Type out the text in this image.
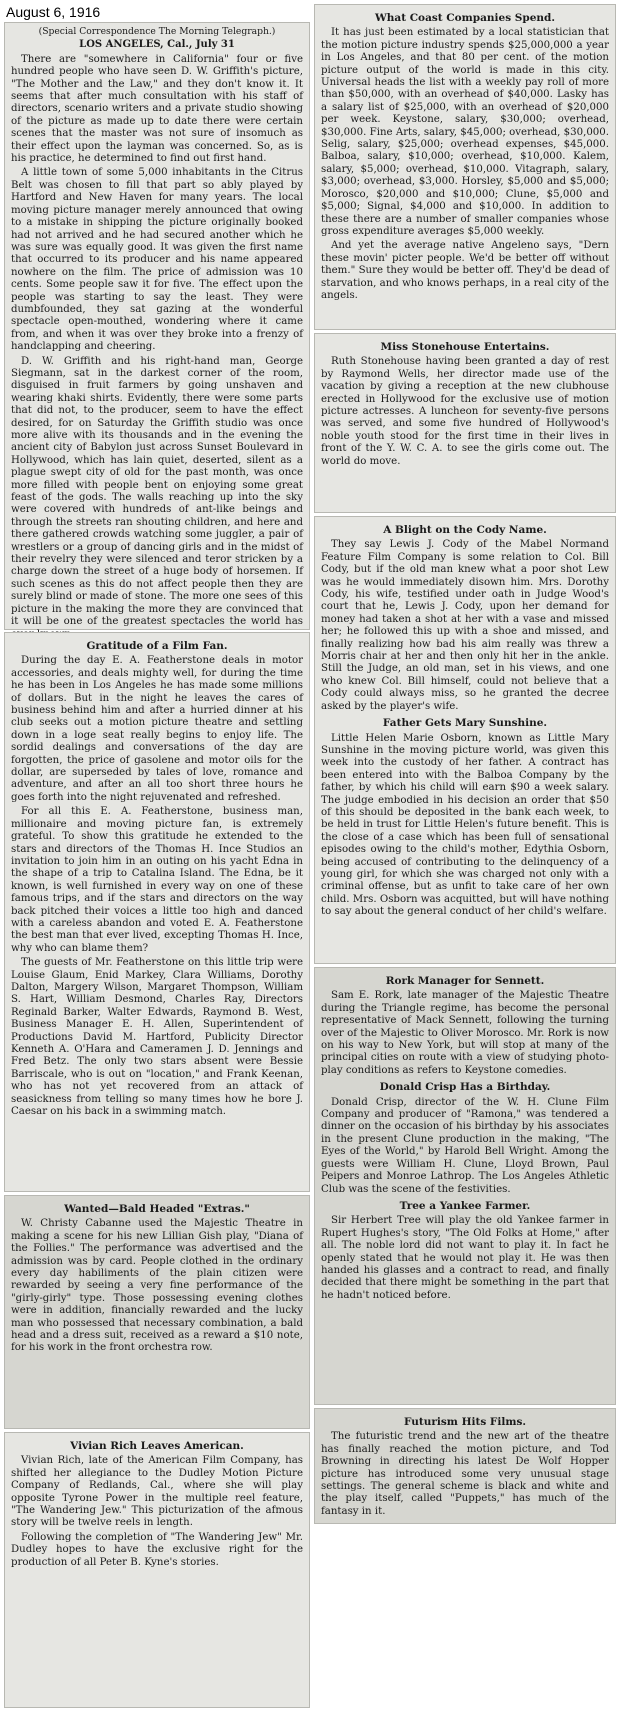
August 6, 1916
(Special Correspondence The Morning Telegraph.)
LOS ANGELES, Cal., July 31

There are "somewhere in California" four or five hundred people who have seen D. W. Griffith's picture, "The Mother and the Law," and they don't know it. It seems that after much consultation with his staff of directors, scenario writers and a private studio showing of the picture as made up to date there were certain scenes that the master was not sure of insomuch as their effect upon the layman was concerned. So, as is his practice, he determined to find out first hand.

A little town of some 5,000 inhabitants in the Citrus Belt was chosen to fill that part so ably played by Hartford and New Haven for many years. The local moving picture manager merely announced that owing to a mistake in shipping the picture originally booked had not arrived and he had secured another which he was sure was equally good. It was given the first name that occurred to its producer and his name appeared nowhere on the film. The price of admission was 10 cents. Some people saw it for five. The effect upon the people was starting to say the least. They were dumbfounded, they sat gazing at the wonderful spectacle open-mouthed, wondering where it came from, and when it was over they broke into a frenzy of handclapping and cheering.

D. W. Griffith and his right-hand man, George Siegmann, sat in the darkest corner of the room, disguised in fruit farmers by going unshaven and wearing khaki shirts. Evidently, there were some parts that did not, to the producer, seem to have the effect desired, for on Saturday the Griffith studio was once more alive with its thousands and in the evening the ancient city of Babylon just across Sunset Boulevard in Hollywood, which has lain quiet, deserted, silent as a plague swept city of old for the past month, was once more filled with people bent on enjoying some great feast of the gods. The walls reaching up into the sky were covered with hundreds of ant-like beings and through the streets ran shouting children, and here and there gathered crowds watching some juggler, a pair of wrestlers or a group of dancing girls and in the midst of their revelry they were silenced and teror stricken by a charge down the street of a huge body of horsemen. If such scenes as this do not affect people then they are surely blind or made of stone. The more one sees of this picture in the making the more they are convinced that it will be one of the greatest spectacles the world has

Gratitude of a Film Fan.

During the day E. A. Featherstone deals in motor accessories, and deals mighty well, for during the time he has been in Los Angeles he has made some millions of dollars. But in the night he leaves the cares of business behind him and after a hurried dinner at his club seeks out a motion picture theatre and settling down in a loge seat really begins to enjoy life. The sordid dealings and conversations of the day are forgotten, the price of gasolene and motor oils for the dollar, are superseded by tales of love, romance and adventure, and after an all too short three hours he goes forth into the night rejuvenated and refreshed.

For all this E. A. Featherstone, business man, millionaire and moving picture fan, is extremely grateful. To show this gratitude he extended to the stars and directors of the Thomas H. Ince Studios an invitation to join him in an outing on his yacht Edna in the shape of a trip to Catalina Island. The Edna, be it known, is well furnished in every way on one of these famous trips, and if the stars and directors on the way back pitched their voices a little too high and danced with a careless abandon and voted E. A. Featherstone the best man that ever lived, excepting Thomas H. Ince, why who can blame them?

The guests of Mr. Featherstone on this little trip were Louise Glaum, Enid Markey, Clara Williams, Dorothy Dalton, Margery Wilson, Margaret Thompson, William S. Hart, William Desmond, Charles Ray, Directors Reginald Barker, Walter Edwards, Raymond B. West, Business Manager E. H. Allen, Superintendent of Productions David M. Hartford, Publicity Director Kenneth A. O'Hara and Cameramen J. D. Jennings and Fred Betz. The only two stars absent were Bessie Barriscale, who is out on "location," and Frank Keenan, who has not yet recovered from an attack of seasickness from telling so many times how he bore J. Caesar on his back in a swimming match.

Wanted—Bald Headed "Extras."

W. Christy Cabanne used the Majestic Theatre in making a scene for his new Lillian Gish play, "Diana of the Follies." The performance was advertised and the admission was by card. People clothed in the ordinary every day habiliments of the plain citizen were rewarded by seeing a very fine performance of the "girly-girly" type. Those possessing evening clothes were in addition, financially rewarded and the lucky man who possessed that necessary combination, a bald head and a dress suit, received as a reward a $10 note, for his work in the front orchestra row.

Vivian Rich Leaves American.

Vivian Rich, late of the American Film Company, has shifted her allegiance to the Dudley Motion Picture Company of Redlands, Cal., where she will play opposite Tyrone Power in the multiple reel feature, "The Wandering Jew." This picturization of the afmous story will be twelve reels in length.

Following the completion of "The Wandering Jew" Mr. Dudley hopes to have the exclusive right for the production of all Peter B. Kyne's stories.

What Coast Companies Spend.

It has just been estimated by a local statistician that the motion picture industry spends $25,000,000 a year in Los Angeles, and that 80 per cent. of the motion picture output of the world is made in this city. Universal heads the list with a weekly pay roll of more than $50,000, with an overhead of $40,000. Lasky has a salary list of $25,000, with an overhead of $20,000 per week. Keystone, salary, $30,000; overhead, $30,000. Fine Arts, salary, $45,000; overhead, $30,000. Selig, salary, $25,000; overhead expenses, $45,000. Balboa, salary, $10,000; overhead, $10,000. Kalem, salary, $5,000; overhead, $10,000. Vitagraph, salary, $3,000; overhead, $3,000. Horsley, $5,000 and $5,000; Morosco, $20,000 and $10,000; Clune, $5,000 and $5,000; Signal, $4,000 and $10,000. In addition to these there are a number of smaller companies whose gross expenditure averages $5,000 weekly.

And yet the average native Angeleno says, "Dern these movin' picter people. We'd be better off without them." Sure they would be better off. They'd be dead of starvation, and who knows perhaps, in a real city of the angels.

Miss Stonehouse Entertains.

Ruth Stonehouse having been granted a day of rest by Raymond Wells, her director made use of the vacation by giving a reception at the new clubhouse erected in Hollywood for the exclusive use of motion picture actresses. A luncheon for seventy-five persons was served, and some five hundred of Hollywood's noble youth stood for the first time in their lives in front of the Y. W. C. A. to see the girls come out. The world do move.

A Blight on the Cody Name.

They say Lewis J. Cody of the Mabel Normand Feature Film Company is some relation to Col. Bill Cody, but if the old man knew what a poor shot Lew was he would immediately disown him. Mrs. Dorothy Cody, his wife, testified under oath in Judge Wood's court that he, Lewis J. Cody, upon her demand for money had taken a shot at her with a vase and missed her; he followed this up with a shoe and missed, and finally realizing how bad his aim really was threw a Morris chair at her and then only hit her in the ankle. Still the Judge, an old man, set in his views, and one who knew Col. Bill himself, could not believe that a Cody could always miss, so he granted the decree asked by the player's wife.

Father Gets Mary Sunshine.

Little Helen Marie Osborn, known as Little Mary Sunshine in the moving picture world, was given this week into the custody of her father. A contract has been entered into with the Balboa Company by the father, by which his child will earn $90 a week salary. The judge embodied in his decision an order that $50 of this should be deposited in the bank each week, to be held in trust for Little Helen's future benefit. This is the close of a case which has been full of sensational episodes owing to the child's mother, Edythia Osborn, being accused of contributing to the delinquency of a young girl, for which she was charged not only with a criminal offense, but as unfit to take care of her own child. Mrs. Osborn was acquitted, but will have nothing to say about the general conduct of her child's welfare.

Rork Manager for Sennett.

Sam E. Rork, late manager of the Majestic Theatre during the Triangle regime, has become the personal representative of Mack Sennett, following the turning over of the Majestic to Oliver Morosco. Mr. Rork is now on his way to New York, but will stop at many of the principal cities on route with a view of studying photo-play conditions as refers to Keystone comedies.

Donald Crisp Has a Birthday.

Donald Crisp, director of the W. H. Clune Film Company and producer of "Ramona," was tendered a dinner on the occasion of his birthday by his associates in the present Clune production in the making, "The Eyes of the World," by Harold Bell Wright. Among the guests were William H. Clune, Lloyd Brown, Paul Peipers and Monroe Lathrop. The Los Angeles Athletic Club was the scene of the festivities.

Tree a Yankee Farmer.

Sir Herbert Tree will play the old Yankee farmer in Rupert Hughes's story, "The Old Folks at Home," after all. The noble lord did not want to play it. In fact he openly stated that he would not play it. He was then handed his glasses and a contract to read, and finally decided that there might be something in the part that he hadn't noticed before.

Futurism Hits Films.

The futuristic trend and the new art of the theatre has finally reached the motion picture, and Tod Browning in directing his latest De Wolf Hopper picture has introduced some very unusual stage settings. The general scheme is black and white and the play itself, called "Puppets," has much of the fantasy in it.
